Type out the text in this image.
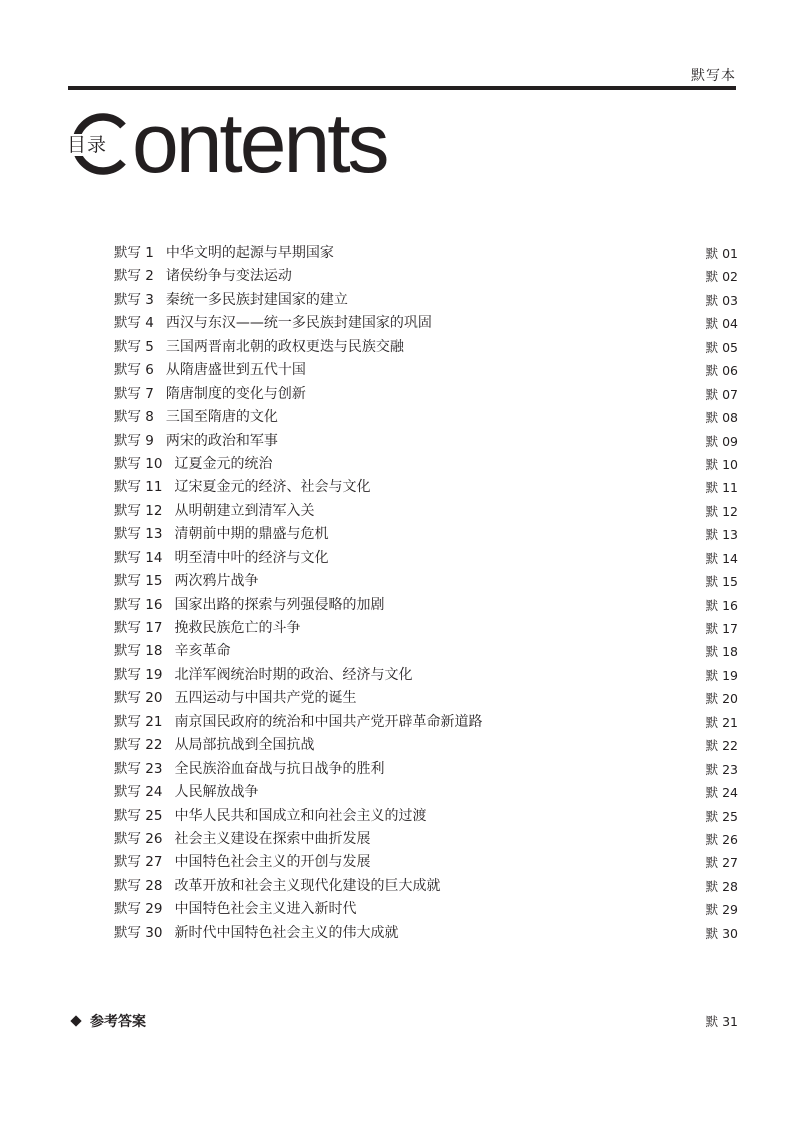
默写本
目录 ontents
默写 1 中华文明的起源与早期国家	默 01
默写 2 诸侯纷争与变法运动	默 02
默写 3 秦统一多民族封建国家的建立	默 03
默写 4 西汉与东汉——统一多民族封建国家的巩固	默 04
默写 5 三国两晋南北朝的政权更迭与民族交融	默 05
默写 6 从隋唐盛世到五代十国	默 06
默写 7 隋唐制度的变化与创新	默 07
默写 8 三国至隋唐的文化	默 08
默写 9 两宋的政治和军事	默 09
默写 10 辽夏金元的统治	默 10
默写 11 辽宋夏金元的经济、社会与文化	默 11
默写 12 从明朝建立到清军入关	默 12
默写 13 清朝前中期的鼎盛与危机	默 13
默写 14 明至清中叶的经济与文化	默 14
默写 15 两次鸦片战争	默 15
默写 16 国家出路的探索与列强侵略的加剧	默 16
默写 17 挽救民族危亡的斗争	默 17
默写 18 辛亥革命	默 18
默写 19 北洋军阀统治时期的政治、经济与文化	默 19
默写 20 五四运动与中国共产党的诞生	默 20
默写 21 南京国民政府的统治和中国共产党开辟革命新道路	默 21
默写 22 从局部抗战到全国抗战	默 22
默写 23 全民族浴血奋战与抗日战争的胜利	默 23
默写 24 人民解放战争	默 24
默写 25 中华人民共和国成立和向社会主义的过渡	默 25
默写 26 社会主义建设在探索中曲折发展	默 26
默写 27 中国特色社会主义的开创与发展	默 27
默写 28 改革开放和社会主义现代化建设的巨大成就	默 28
默写 29 中国特色社会主义进入新时代	默 29
默写 30 新时代中国特色社会主义的伟大成就	默 30
参考答案	默 31
